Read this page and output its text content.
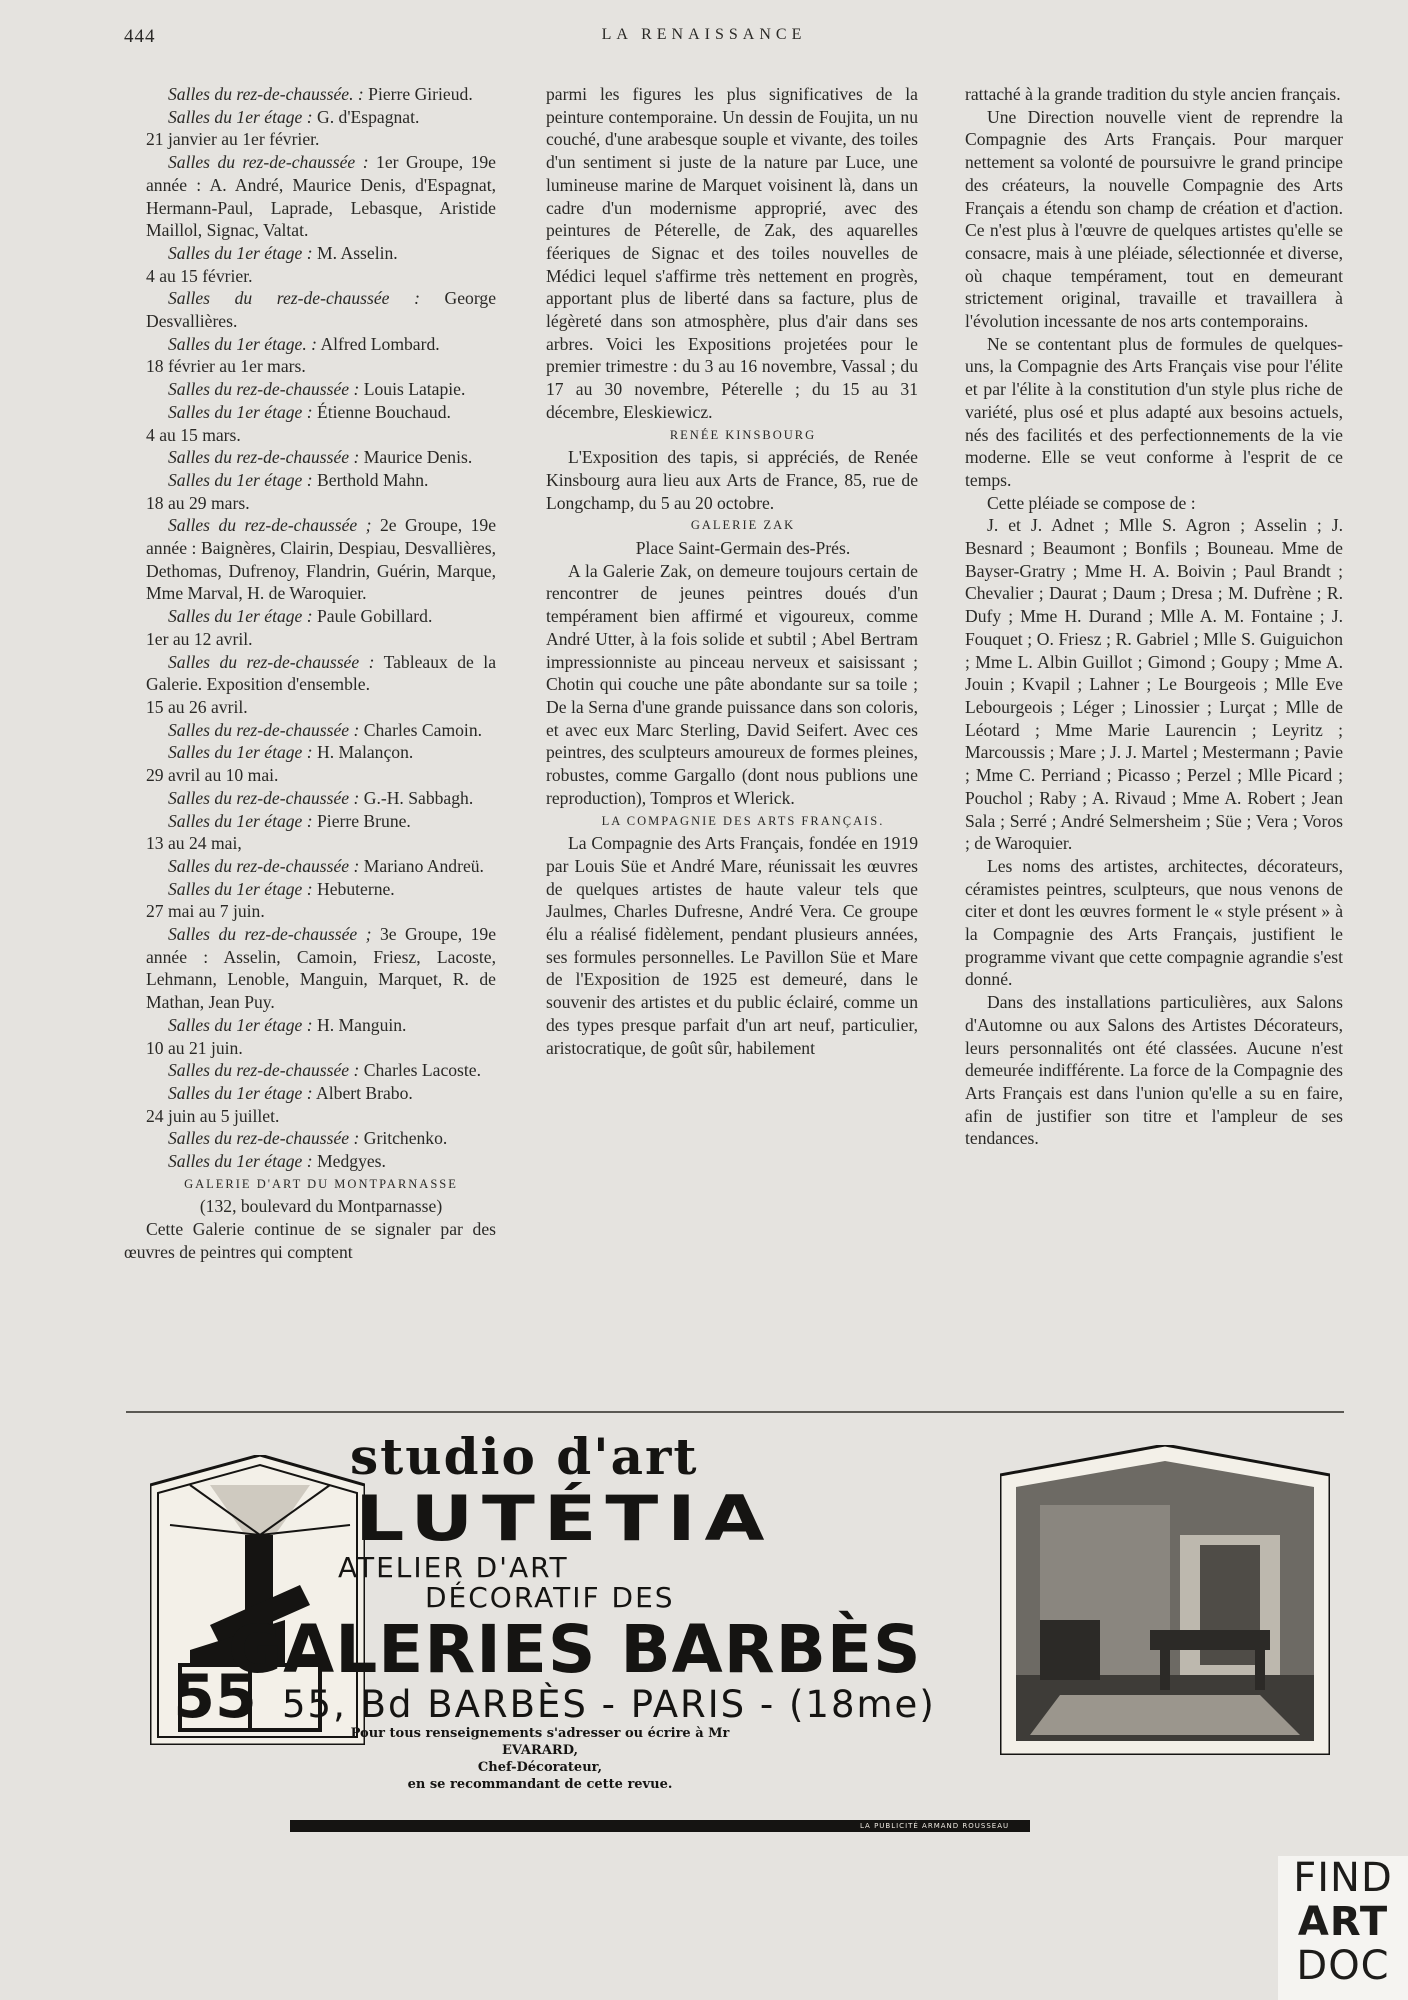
444	LA RENAISSANCE

Salles du rez-de-chaussée. : Pierre Girieud.

Salles du 1er étage : G. d'Espagnat.

21 janvier au 1er février.

Salles du rez-de-chaussée : 1er Groupe, 19e année : A. André, Maurice Denis, d'Espagnat, Hermann-Paul, Laprade, Lebasque, Aristide Maillol, Signac, Valtat.

Salles du 1er étage : M. Asselin.

4 au 15 février.

Salles du rez-de-chaussée : George Desvallières.

Salles du 1er étage. : Alfred Lombard.

18 février au 1er mars.

Salles du rez-de-chaussée : Louis Latapie.

Salles du 1er étage : Étienne Bouchaud.

4 au 15 mars.

Salles du rez-de-chaussée : Maurice Denis.

Salles du 1er étage : Berthold Mahn.

18 au 29 mars.

Salles du rez-de-chaussée ; 2e Groupe, 19e année : Baignères, Clairin, Despiau, Desvallières, Dethomas, Dufrenoy, Flandrin, Guérin, Marque, Mme Marval, H. de Waroquier.

Salles du 1er étage : Paule Gobillard.

1er au 12 avril.

Salles du rez-de-chaussée : Tableaux de la Galerie. Exposition d'ensemble.

15 au 26 avril.

Salles du rez-de-chaussée : Charles Camoin.

Salles du 1er étage : H. Malançon.

29 avril au 10 mai.

Salles du rez-de-chaussée : G.-H. Sabbagh.

Salles du 1er étage : Pierre Brune.

13 au 24 mai,

Salles du rez-de-chaussée : Mariano Andreü.

Salles du 1er étage : Hebuterne.

27 mai au 7 juin.

Salles du rez-de-chaussée ; 3e Groupe, 19e année : Asselin, Camoin, Friesz, Lacoste, Lehmann, Lenoble, Manguin, Marquet, R. de Mathan, Jean Puy.

Salles du 1er étage : H. Manguin.

10 au 21 juin.

Salles du rez-de-chaussée : Charles Lacoste.

Salles du 1er étage : Albert Brabo.

24 juin au 5 juillet.

Salles du rez-de-chaussée : Gritchenko.

Salles du 1er étage : Medgyes.

GALERIE D'ART DU MONTPARNASSE

(132, boulevard du Montparnasse)

Cette Galerie continue de se signaler par des œuvres de peintres qui comptent

parmi les figures les plus significatives de la peinture contemporaine. Un dessin de Foujita, un nu couché, d'une arabesque souple et vivante, des toiles d'un sentiment si juste de la nature par Luce, une lumineuse marine de Marquet voisinent là, dans un cadre d'un modernisme approprié, avec des peintures de Péterelle, de Zak, des aquarelles féeriques de Signac et des toiles nouvelles de Médici lequel s'affirme très nettement en progrès, apportant plus de liberté dans sa facture, plus de légèreté dans son atmosphère, plus d'air dans ses arbres. Voici les Expositions projetées pour le premier trimestre : du 3 au 16 novembre, Vassal ; du 17 au 30 novembre, Péterelle ; du 15 au 31 décembre, Eleskiewicz.

RENÉE KINSBOURG

L'Exposition des tapis, si appréciés, de Renée Kinsbourg aura lieu aux Arts de France, 85, rue de Longchamp, du 5 au 20 octobre.

GALERIE ZAK

Place Saint-Germain des-Prés.

A la Galerie Zak, on demeure toujours certain de rencontrer de jeunes peintres doués d'un tempérament bien affirmé et vigoureux, comme André Utter, à la fois solide et subtil ; Abel Bertram impressionniste au pinceau nerveux et saisissant ; Chotin qui couche une pâte abondante sur sa toile ; De la Serna d'une grande puissance dans son coloris, et avec eux Marc Sterling, David Seifert. Avec ces peintres, des sculpteurs amoureux de formes pleines, robustes, comme Gargallo (dont nous publions une reproduction), Tompros et Wlerick.

LA COMPAGNIE DES ARTS FRANÇAIS.

La Compagnie des Arts Français, fondée en 1919 par Louis Süe et André Mare, réunissait les œuvres de quelques artistes de haute valeur tels que Jaulmes, Charles Dufresne, André Vera. Ce groupe élu a réalisé fidèlement, pendant plusieurs années, ses formules personnelles. Le Pavillon Süe et Mare de l'Exposition de 1925 est demeuré, dans le souvenir des artistes et du public éclairé, comme un des types presque parfait d'un art neuf, particulier, aristocratique, de goût sûr, habilement

rattaché à la grande tradition du style ancien français.

Une Direction nouvelle vient de reprendre la Compagnie des Arts Français. Pour marquer nettement sa volonté de poursuivre le grand principe des créateurs, la nouvelle Compagnie des Arts Français a étendu son champ de création et d'action. Ce n'est plus à l'œuvre de quelques artistes qu'elle se consacre, mais à une pléiade, sélectionnée et diverse, où chaque tempérament, tout en demeurant strictement original, travaille et travaillera à l'évolution incessante de nos arts contemporains.

Ne se contentant plus de formules de quelques-uns, la Compagnie des Arts Français vise pour l'élite et par l'élite à la constitution d'un style plus riche de variété, plus osé et plus adapté aux besoins actuels, nés des facilités et des perfectionnements de la vie moderne. Elle se veut conforme à l'esprit de ce temps.

Cette pléiade se compose de :

J. et J. Adnet ; Mlle S. Agron ; Asselin ; J. Besnard ; Beaumont ; Bonfils ; Bouneau. Mme de Bayser-Gratry ; Mme H. A. Boivin ; Paul Brandt ; Chevalier ; Daurat ; Daum ; Dresa ; M. Dufrène ; R. Dufy ; Mme H. Durand ; Mlle A. M. Fontaine ; J. Fouquet ; O. Friesz ; R. Gabriel ; Mlle S. Guiguichon ; Mme L. Albin Guillot ; Gimond ; Goupy ; Mme A. Jouin ; Kvapil ; Lahner ; Le Bourgeois ; Mlle Eve Lebourgeois ; Léger ; Linossier ; Lurçat ; Mlle de Léotard ; Mme Marie Laurencin ; Leyritz ; Marcoussis ; Mare ; J. J. Martel ; Mestermann ; Pavie ; Mme C. Perriand ; Picasso ; Perzel ; Mlle Picard ; Pouchol ; Raby ; A. Rivaud ; Mme A. Robert ; Jean Sala ; Serré ; André Selmersheim ; Süe ; Vera ; Voros ; de Waroquier.

Les noms des artistes, architectes, décorateurs, céramistes peintres, sculpteurs, que nous venons de citer et dont les œuvres forment le « style présent » à la Compagnie des Arts Français, justifient le programme vivant que cette compagnie agrandie s'est donné.

Dans des installations particulières, aux Salons d'Automne ou aux Salons des Artistes Décorateurs, leurs personnalités ont été classées. Aucune n'est demeurée indifférente. La force de la Compagnie des Arts Français est dans l'union qu'elle a su en faire, afin de justifier son titre et l'ampleur de ses tendances.

55
studio d'art
LUTÉTIA
ATELIER D'ART
DÉCORATIF DES
GALERIES BARBÈS
55, Bd BARBÈS - PARIS - (18me)
Pour tous renseignements s'adresser ou écrire à Mr EVARARD,
Chef-Décorateur,
en se recommandant de cette revue.
LA PUBLICITÉ ARMAND ROUSSEAU
FIND
ART
DOC
